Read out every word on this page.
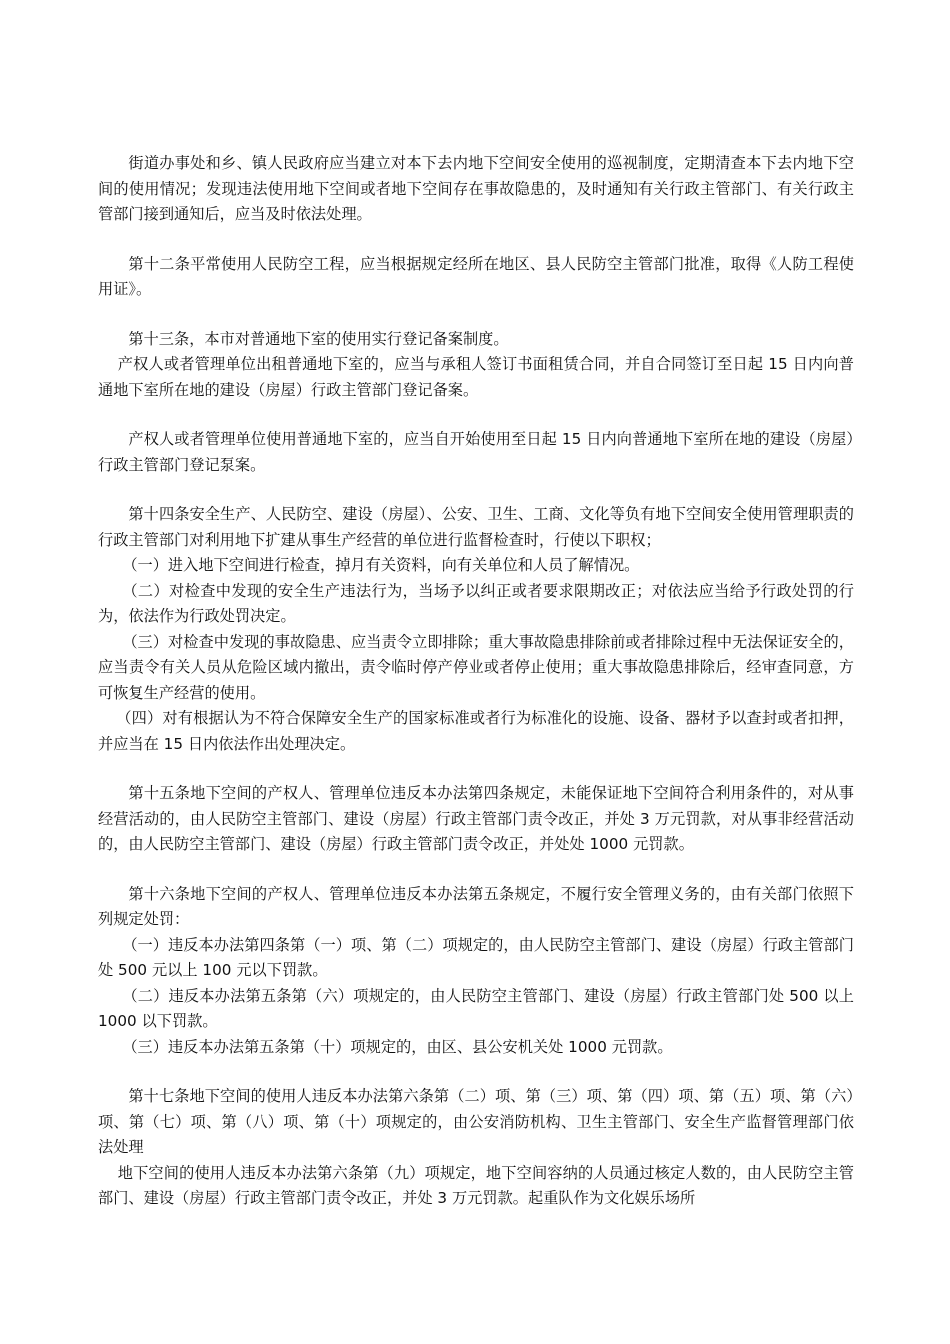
街道办事处和乡、镇人民政府应当建立对本下去内地下空间安全使用的巡视制度，定期清查本下去内地下空间的使用情况；发现违法使用地下空间或者地下空间存在事故隐患的，及时通知有关行政主管部门、有关行政主管部门接到通知后，应当及时依法处理。

第十二条平常使用人民防空工程，应当根据规定经所在地区、县人民防空主管部门批准，取得《人防工程使用证》。

第十三条，本市对普通地下室的使用实行登记备案制度。

产权人或者管理单位出租普通地下室的，应当与承租人签订书面租赁合同，并自合同签订至日起 15 日内向普通地下室所在地的建设（房屋）行政主管部门登记备案。

产权人或者管理单位使用普通地下室的，应当自开始使用至日起 15 日内向普通地下室所在地的建设（房屋）行政主管部门登记泵案。

第十四条安全生产、人民防空、建设（房屋）、公安、卫生、工商、文化等负有地下空间安全使用管理职责的行政主管部门对利用地下扩建从事生产经营的单位进行监督检查时，行使以下职权；

（一）进入地下空间进行检查，掉月有关资料，向有关单位和人员了解情况。

（二）对检查中发现的安全生产违法行为，当场予以纠正或者要求限期改正；对依法应当给予行政处罚的行为，依法作为行政处罚决定。

（三）对检查中发现的事故隐患、应当责令立即排除；重大事故隐患排除前或者排除过程中无法保证安全的，应当责令有关人员从危险区域内撤出，责令临时停产停业或者停止使用；重大事故隐患排除后，经审查同意，方可恢复生产经营的使用。

（四）对有根据认为不符合保障安全生产的国家标准或者行为标准化的设施、设备、器材予以查封或者扣押，并应当在 15 日内依法作出处理决定。

第十五条地下空间的产权人、管理单位违反本办法第四条规定，未能保证地下空间符合利用条件的，对从事经营活动的，由人民防空主管部门、建设（房屋）行政主管部门责令改正，并处 3 万元罚款，对从事非经营活动的，由人民防空主管部门、建设（房屋）行政主管部门责令改正，并处处 1000 元罚款。

第十六条地下空间的产权人、管理单位违反本办法第五条规定，不履行安全管理义务的，由有关部门依照下列规定处罚：

（一）违反本办法第四条第（一）项、第（二）项规定的，由人民防空主管部门、建设（房屋）行政主管部门处 500 元以上 100 元以下罚款。

（二）违反本办法第五条第（六）项规定的，由人民防空主管部门、建设（房屋）行政主管部门处 500 以上 1000 以下罚款。

（三）违反本办法第五条第（十）项规定的，由区、县公安机关处 1000 元罚款。

第十七条地下空间的使用人违反本办法第六条第（二）项、第（三）项、第（四）项、第（五）项、第（六）项、第（七）项、第（八）项、第（十）项规定的，由公安消防机构、卫生主管部门、安全生产监督管理部门依法处理

地下空间的使用人违反本办法第六条第（九）项规定，地下空间容纳的人员通过核定人数的，由人民防空主管部门、建设（房屋）行政主管部门责令改正，并处 3 万元罚款。起重队作为文化娱乐场所
